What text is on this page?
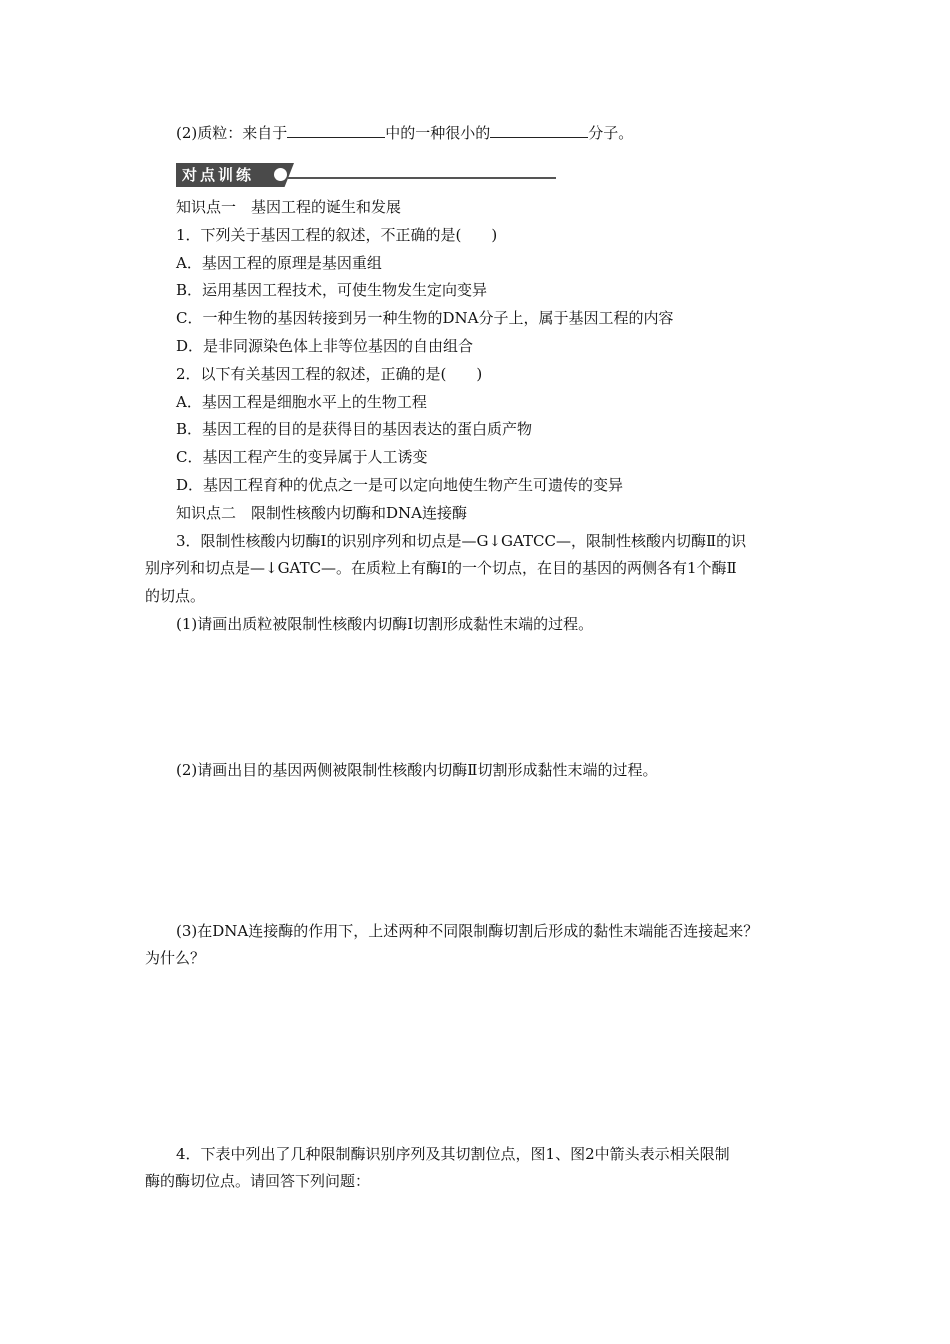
(2)质粒：来自于	中的一种很小的	分子。
对点训练
知识点一　基因工程的诞生和发展
1．下列关于基因工程的叙述，不正确的是(　　)
A．基因工程的原理是基因重组
B．运用基因工程技术，可使生物发生定向变异
C．一种生物的基因转接到另一种生物的DNA分子上，属于基因工程的内容
D．是非同源染色体上非等位基因的自由组合
2．以下有关基因工程的叙述，正确的是(　　)
A．基因工程是细胞水平上的生物工程
B．基因工程的目的是获得目的基因表达的蛋白质产物
C．基因工程产生的变异属于人工诱变
D．基因工程育种的优点之一是可以定向地使生物产生可遗传的变异
知识点二　限制性核酸内切酶和DNA连接酶
3．限制性核酸内切酶Ⅰ的识别序列和切点是—G↓GATCC—，限制性核酸内切酶Ⅱ的识
别序列和切点是—↓GATC—。在质粒上有酶Ⅰ的一个切点，在目的基因的两侧各有1个酶Ⅱ
的切点。
(1)请画出质粒被限制性核酸内切酶Ⅰ切割形成黏性末端的过程。
(2)请画出目的基因两侧被限制性核酸内切酶Ⅱ切割形成黏性末端的过程。
(3)在DNA连接酶的作用下，上述两种不同限制酶切割后形成的黏性末端能否连接起来？
为什么？
4．下表中列出了几种限制酶识别序列及其切割位点，图1、图2中箭头表示相关限制
酶的酶切位点。请回答下列问题：
